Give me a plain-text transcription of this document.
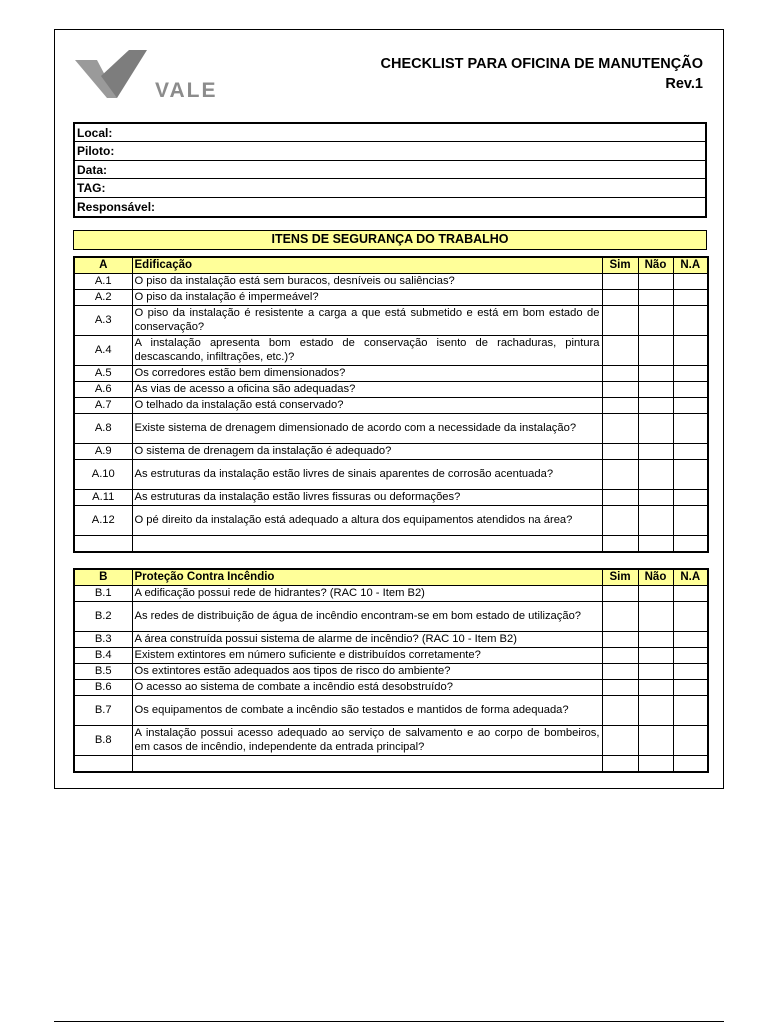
VALE
CHECKLIST PARA OFICINA DE MANUTENÇÃO
Rev.1
Local:
Piloto:
Data:
TAG:
Responsável:
ITENS DE SEGURANÇA DO TRABALHO
A	Edificação	Sim	Não	N.A
A.1	O piso da instalação está sem buracos, desníveis ou saliências?			
A.2	O piso da instalação é impermeável?			
A.3	O piso da instalação é resistente a carga a que está submetido e está em bom estado de conservação?			
A.4	A instalação apresenta bom estado de conservação isento de rachaduras, pintura descascando, infiltrações, etc.)?			
A.5	Os corredores estão bem dimensionados?			
A.6	As vias de acesso a oficina são adequadas?			
A.7	O telhado da instalação está conservado?			
A.8	Existe sistema de drenagem dimensionado de acordo com a necessidade da instalação?			
A.9	O sistema de drenagem da instalação é adequado?			
A.10	As estruturas da instalação estão livres de sinais aparentes de corrosão acentuada?			
A.11	As estruturas da instalação estão livres fissuras ou deformações?			
A.12	O pé direito da instalação está adequado a altura dos equipamentos atendidos na área?			

B	Proteção Contra Incêndio	Sim	Não	N.A
B.1	A edificação possui rede de hidrantes? (RAC 10 - Item B2)			
B.2	As redes de distribuição de água de incêndio encontram-se em bom estado de utilização?			
B.3	A área construída possui sistema de alarme de incêndio? (RAC 10 - Item B2)			
B.4	Existem extintores em número suficiente e distribuídos corretamente?			
B.5	Os extintores estão adequados aos tipos de risco do ambiente?			
B.6	O acesso ao sistema de combate a incêndio está desobstruído?			
B.7	Os equipamentos de combate a incêndio são testados e mantidos de forma adequada?			
B.8	A instalação possui acesso adequado ao serviço de salvamento e ao corpo de bombeiros, em casos de incêndio, independente da entrada principal?			
